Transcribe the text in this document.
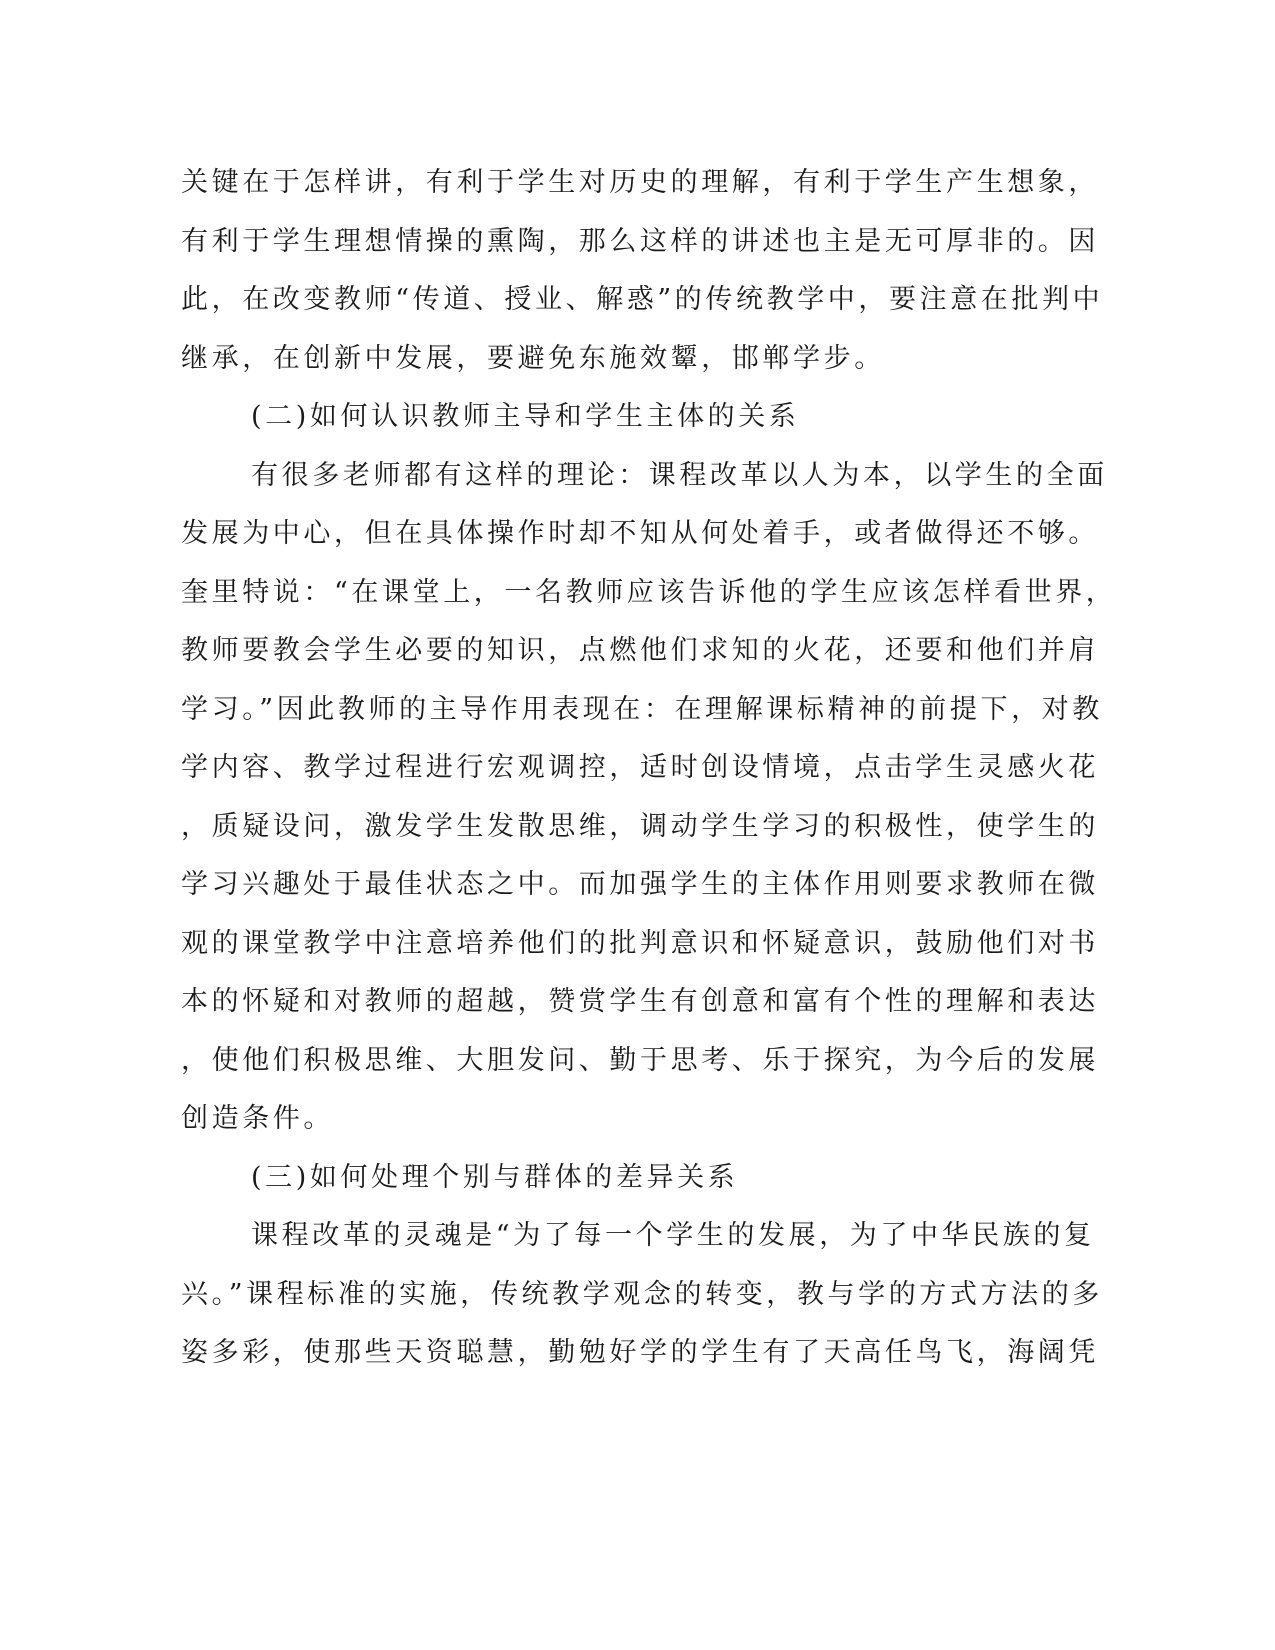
关键在于怎样讲，有利于学生对历史的理解，有利于学生产生想象，
有利于学生理想情操的熏陶，那么这样的讲述也主是无可厚非的。因
此，在改变教师“传道、授业、解惑”的传统教学中，要注意在批判中
继承，在创新中发展，要避免东施效颦，邯郸学步。
(二)如何认识教师主导和学生主体的关系
有很多老师都有这样的理论：课程改革以人为本，以学生的全面
发展为中心，但在具体操作时却不知从何处着手，或者做得还不够。
奎里特说：“在课堂上，一名教师应该告诉他的学生应该怎样看世界，
教师要教会学生必要的知识，点燃他们求知的火花，还要和他们并肩
学习。”因此教师的主导作用表现在：在理解课标精神的前提下，对教
学内容、教学过程进行宏观调控，适时创设情境，点击学生灵感火花
，质疑设问，激发学生发散思维，调动学生学习的积极性，使学生的
学习兴趣处于最佳状态之中。而加强学生的主体作用则要求教师在微
观的课堂教学中注意培养他们的批判意识和怀疑意识，鼓励他们对书
本的怀疑和对教师的超越，赞赏学生有创意和富有个性的理解和表达
，使他们积极思维、大胆发问、勤于思考、乐于探究，为今后的发展
创造条件。
(三)如何处理个别与群体的差异关系
课程改革的灵魂是“为了每一个学生的发展，为了中华民族的复
兴。”课程标准的实施，传统教学观念的转变，教与学的方式方法的多
姿多彩，使那些天资聪慧，勤勉好学的学生有了天高任鸟飞，海阔凭
